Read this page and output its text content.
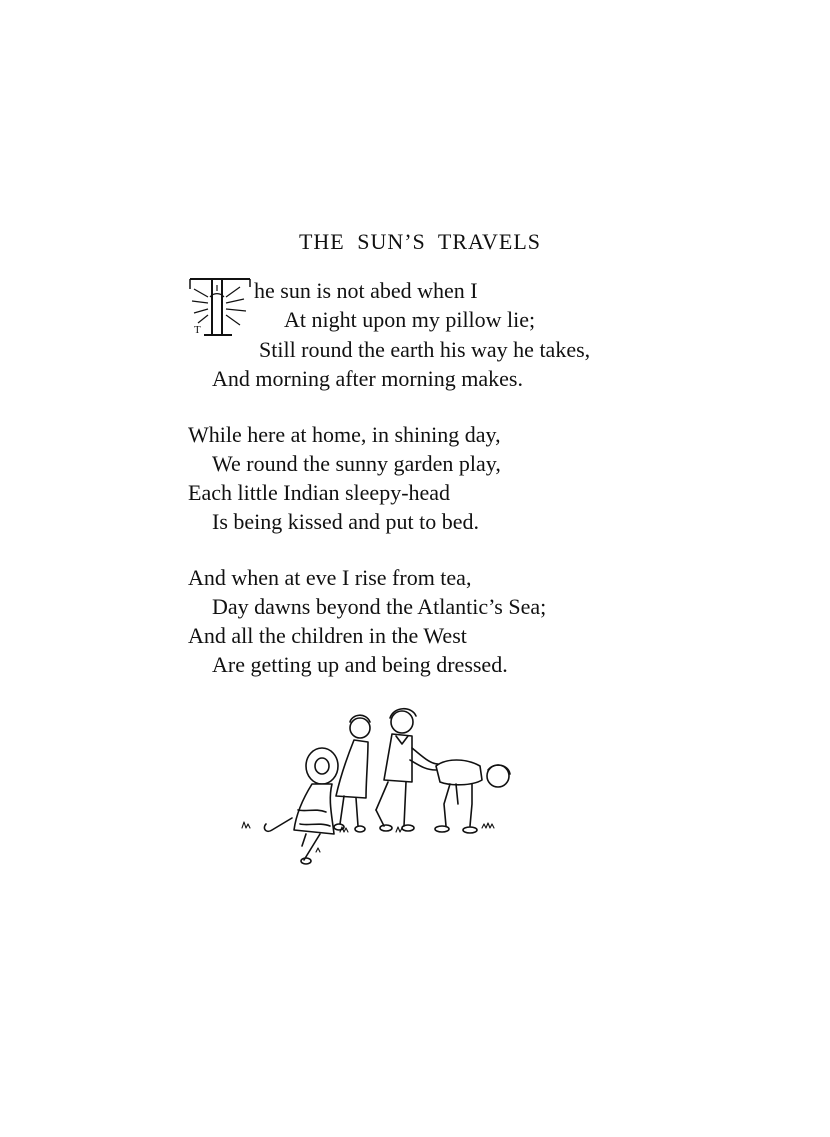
THE SUN’S TRAVELS
T
he sun is not abed when I
At night upon my pillow lie;
Still round the earth his way he takes,
And morning after morning makes.
While here at home, in shining day,
We round the sunny garden play,
Each little Indian sleepy-head
Is being kissed and put to bed.
And when at eve I rise from tea,
Day dawns beyond the Atlantic’s Sea;
And all the children in the West
Are getting up and being dressed.
